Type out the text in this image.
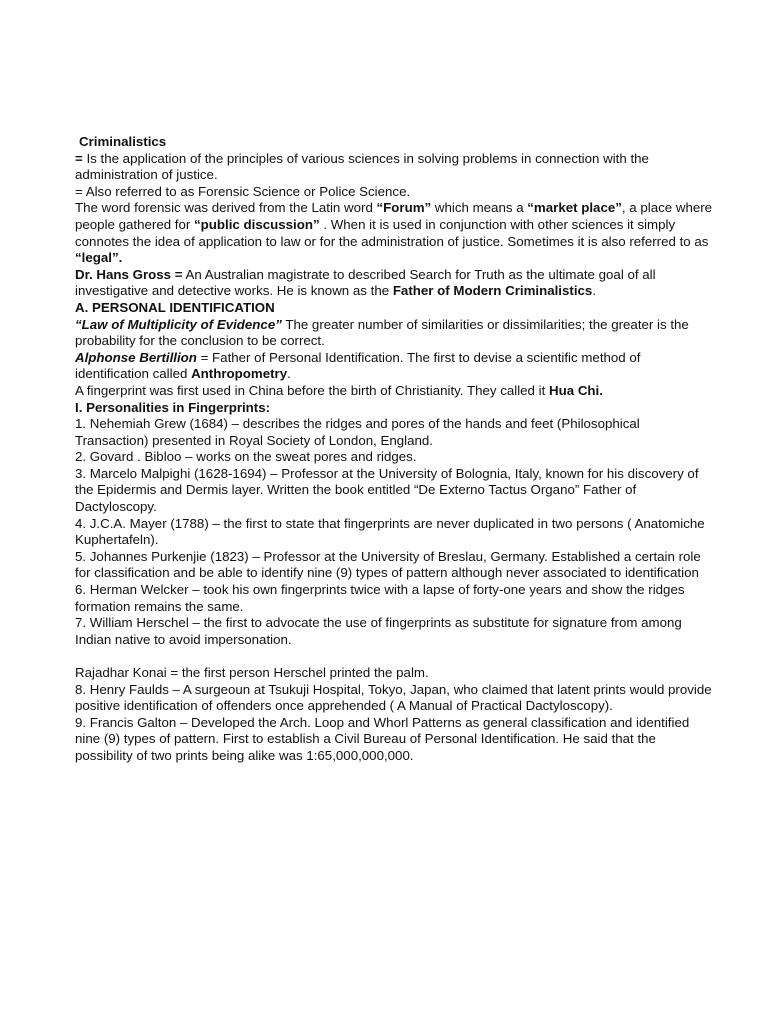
Criminalistics

= Is the application of the principles of various sciences in solving problems in connection with the administration of justice.

= Also referred to as Forensic Science or Police Science.

The word forensic was derived from the Latin word “Forum” which means a “market place”, a place where people gathered for “public discussion” . When it is used in conjunction with other sciences it simply connotes the idea of application to law or for the administration of justice. Sometimes it is also referred to as “legal”.

Dr. Hans Gross = An Australian magistrate to described Search for Truth as the ultimate goal of all investigative and detective works. He is known as the Father of Modern Criminalistics.

A. PERSONAL IDENTIFICATION

“Law of Multiplicity of Evidence” The greater number of similarities or dissimilarities; the greater is the probability for the conclusion to be correct.

Alphonse Bertillion = Father of Personal Identification. The first to devise a scientific method of identification called Anthropometry.

A fingerprint was first used in China before the birth of Christianity. They called it Hua Chi.

I. Personalities in Fingerprints:

1. Nehemiah Grew (1684) – describes the ridges and pores of the hands and feet (Philosophical Transaction) presented in Royal Society of London, England.

2. Govard . Bibloo – works on the sweat pores and ridges.

3. Marcelo Malpighi (1628-1694) – Professor at the University of Bolognia, Italy, known for his discovery of the Epidermis and Dermis layer. Written the book entitled “De Externo Tactus Organo” Father of Dactyloscopy.

4. J.C.A. Mayer (1788) – the first to state that fingerprints are never duplicated in two persons ( Anatomiche Kuphertafeln).

5. Johannes Purkenjie (1823) – Professor at the University of Breslau, Germany. Established a certain role for classification and be able to identify nine (9) types of pattern although never associated to identification

6. Herman Welcker – took his own fingerprints twice with a lapse of forty-one years and show the ridges formation remains the same.

7. William Herschel – the first to advocate the use of fingerprints as substitute for signature from among Indian native to avoid impersonation.

Rajadhar Konai = the first person Herschel printed the palm.

8. Henry Faulds – A surgeoun at Tsukuji Hospital, Tokyo, Japan, who claimed that latent prints would provide positive identification of offenders once apprehended ( A Manual of Practical Dactyloscopy).

9. Francis Galton – Developed the Arch. Loop and Whorl Patterns as general classification and identified nine (9) types of pattern. First to establish a Civil Bureau of Personal Identification. He said that the possibility of two prints being alike was 1:65,000,000,000.
